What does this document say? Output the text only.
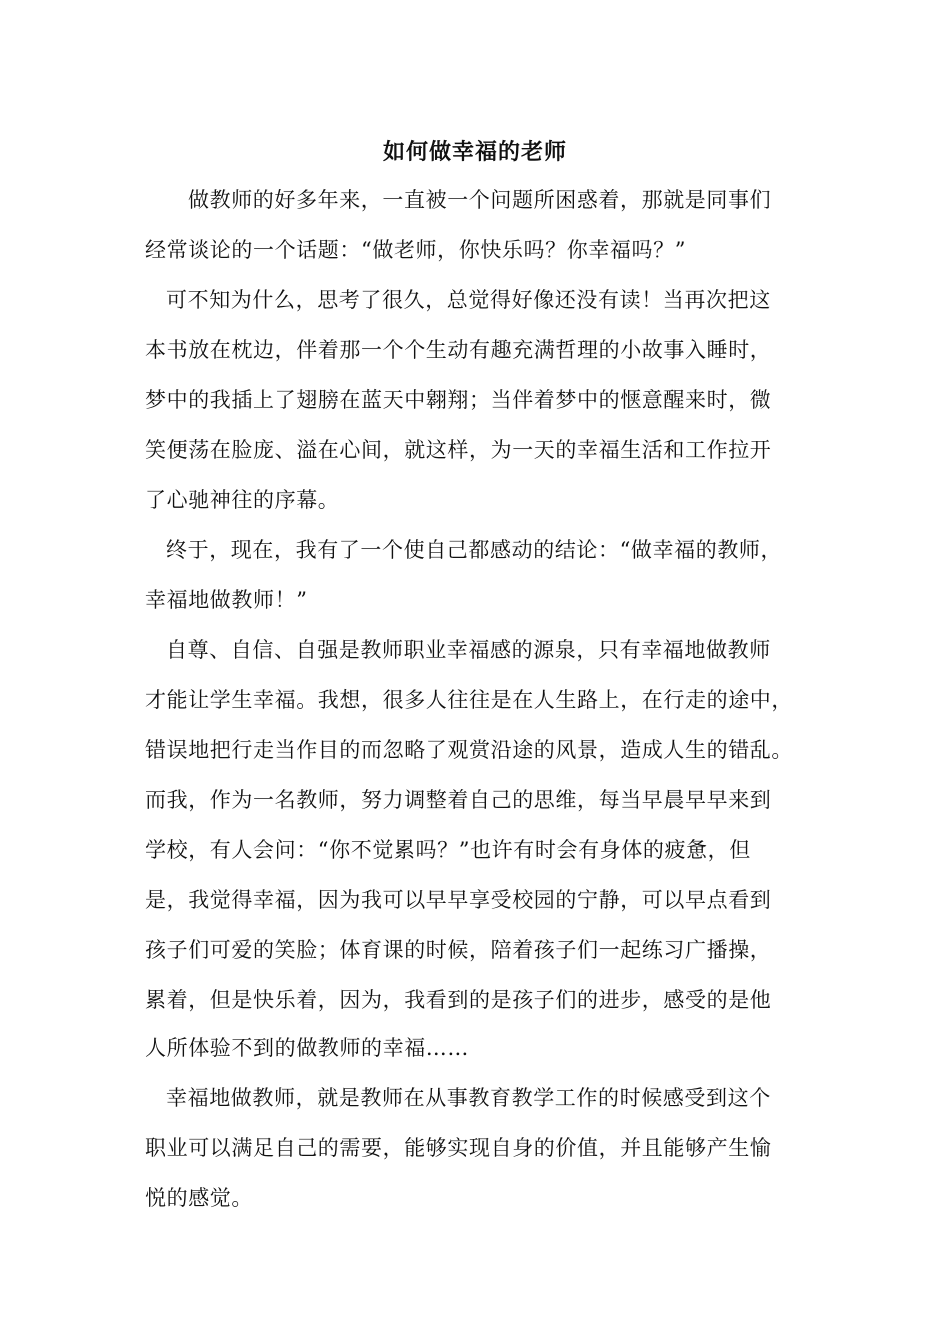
如何做幸福的老师
做教师的好多年来，一直被一个问题所困惑着，那就是同事们
经常谈论的一个话题：“做老师，你快乐吗？你幸福吗？”
可不知为什么，思考了很久，总觉得好像还没有读！当再次把这
本书放在枕边，伴着那一个个生动有趣充满哲理的小故事入睡时，
梦中的我插上了翅膀在蓝天中翱翔；当伴着梦中的惬意醒来时，微
笑便荡在脸庞、溢在心间，就这样，为一天的幸福生活和工作拉开
了心驰神往的序幕。
终于，现在，我有了一个使自己都感动的结论：“做幸福的教师，
幸福地做教师！”
自尊、自信、自强是教师职业幸福感的源泉，只有幸福地做教师
才能让学生幸福。我想，很多人往往是在人生路上，在行走的途中，
错误地把行走当作目的而忽略了观赏沿途的风景，造成人生的错乱。
而我，作为一名教师，努力调整着自己的思维，每当早晨早早来到
学校，有人会问：“你不觉累吗？”也许有时会有身体的疲惫，但
是，我觉得幸福，因为我可以早早享受校园的宁静，可以早点看到
孩子们可爱的笑脸；体育课的时候，陪着孩子们一起练习广播操，
累着，但是快乐着，因为，我看到的是孩子们的进步，感受的是他
人所体验不到的做教师的幸福……
幸福地做教师，就是教师在从事教育教学工作的时候感受到这个
职业可以满足自己的需要，能够实现自身的价值，并且能够产生愉
悦的感觉。
